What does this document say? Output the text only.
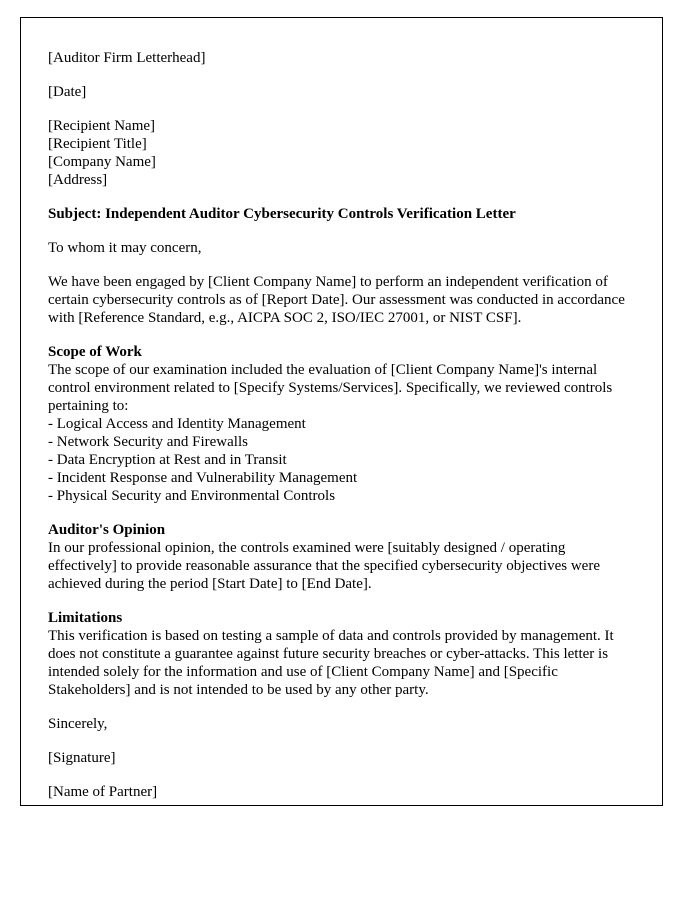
[Auditor Firm Letterhead]

[Date]

[Recipient Name]
[Recipient Title]
[Company Name]
[Address]

Subject: Independent Auditor Cybersecurity Controls Verification Letter

To whom it may concern,

We have been engaged by [Client Company Name] to perform an independent verification of certain cybersecurity controls as of [Report Date]. Our assessment was conducted in accordance with [Reference Standard, e.g., AICPA SOC 2, ISO/IEC 27001, or NIST CSF].

Scope of Work
The scope of our examination included the evaluation of [Client Company Name]'s internal control environment related to [Specify Systems/Services]. Specifically, we reviewed controls pertaining to:
- Logical Access and Identity Management
- Network Security and Firewalls
- Data Encryption at Rest and in Transit
- Incident Response and Vulnerability Management
- Physical Security and Environmental Controls
Auditor's Opinion
In our professional opinion, the controls examined were [suitably designed / operating effectively] to provide reasonable assurance that the specified cybersecurity objectives were achieved during the period [Start Date] to [End Date].
Limitations
This verification is based on testing a sample of data and controls provided by management. It does not constitute a guarantee against future security breaches or cyber-attacks. This letter is intended solely for the information and use of [Client Company Name] and [Specific Stakeholders] and is not intended to be used by any other party.

Sincerely,

[Signature]

[Name of Partner]
